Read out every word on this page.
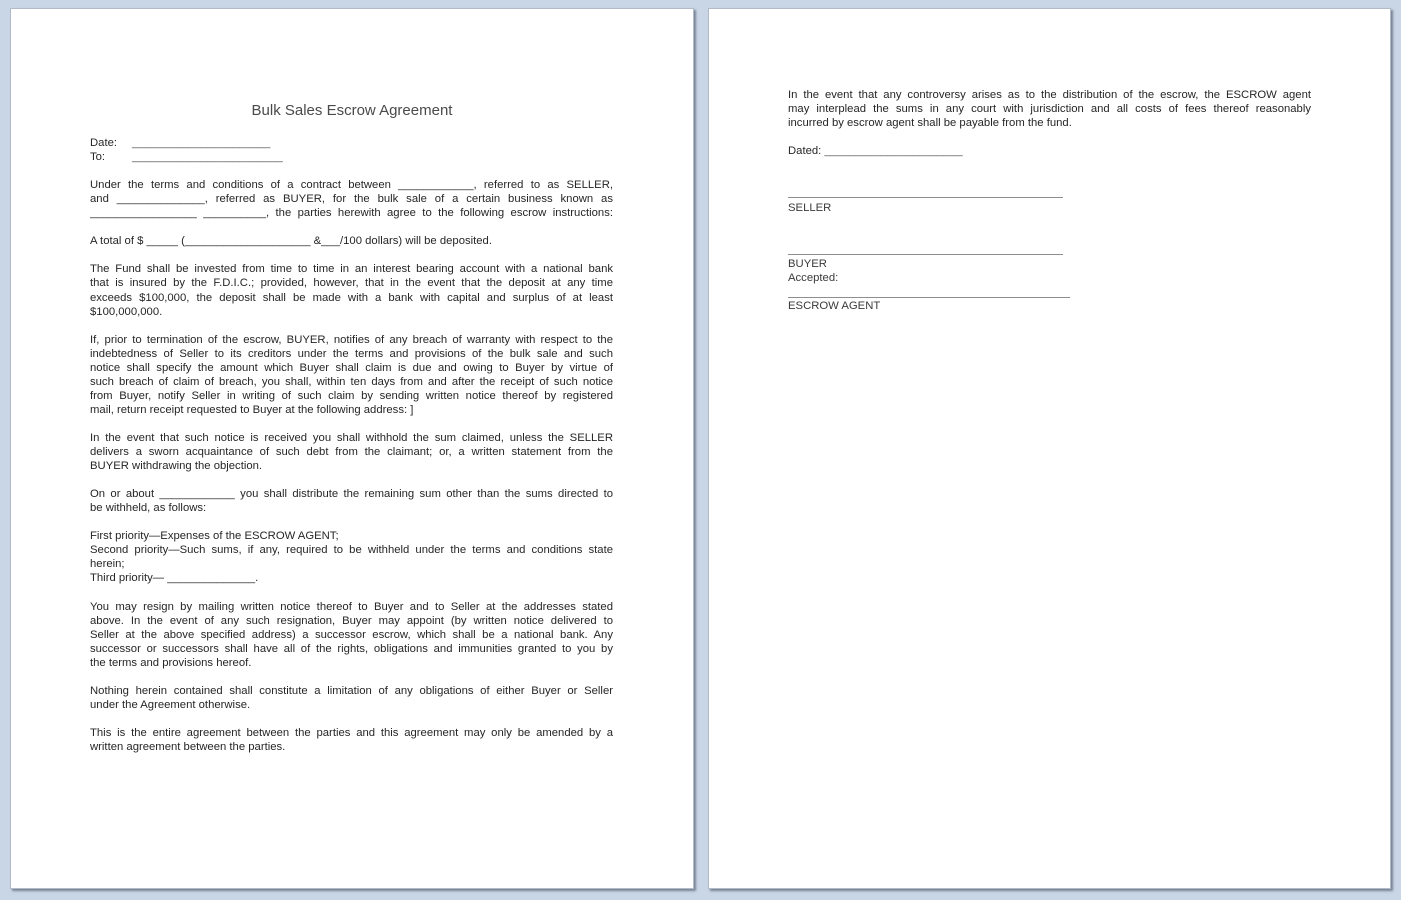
Bulk Sales Escrow Agreement
Date: ______________________
To: ________________________
Under the terms and conditions of a contract between ____________, referred to as SELLER,
and ______________, referred as BUYER, for the bulk sale of a certain business known as
_________________ __________, the parties herewith agree to the following escrow instructions:
A total of $ _____ (____________________ &___/100 dollars) will be deposited.
The Fund shall be invested from time to time in an interest bearing account with a national bank
that is insured by the F.D.I.C.; provided, however, that in the event that the deposit at any time
exceeds $100,000, the deposit shall be made with a bank with capital and surplus of at least
$100,000,000.
If, prior to termination of the escrow, BUYER, notifies of any breach of warranty with respect to the
indebtedness of Seller to its creditors under the terms and provisions of the bulk sale and such
notice shall specify the amount which Buyer shall claim is due and owing to Buyer by virtue of
such breach of claim of breach, you shall, within ten days from and after the receipt of such notice
from Buyer, notify Seller in writing of such claim by sending written notice thereof by registered
mail, return receipt requested to Buyer at the following address: ]
In the event that such notice is received you shall withhold the sum claimed, unless the SELLER
delivers a sworn acquaintance of such debt from the claimant; or, a written statement from the
BUYER withdrawing the objection.
On or about ____________ you shall distribute the remaining sum other than the sums directed to
be withheld, as follows:
First priority—Expenses of the ESCROW AGENT;
Second priority—Such sums, if any, required to be withheld under the terms and conditions state
herein;
Third priority— ______________.
You may resign by mailing written notice thereof to Buyer and to Seller at the addresses stated
above. In the event of any such resignation, Buyer may appoint (by written notice delivered to
Seller at the above specified address) a successor escrow, which shall be a national bank. Any
successor or successors shall have all of the rights, obligations and immunities granted to you by
the terms and provisions hereof.
Nothing herein contained shall constitute a limitation of any obligations of either Buyer or Seller
under the Agreement otherwise.
This is the entire agreement between the parties and this agreement may only be amended by a
written agreement between the parties.
In the event that any controversy arises as to the distribution of the escrow, the ESCROW agent
may interplead the sums in any court with jurisdiction and all costs of fees thereof reasonably
incurred by escrow agent shall be payable from the fund.
Dated: ______________________
SELLER
BUYER
Accepted:
ESCROW AGENT
